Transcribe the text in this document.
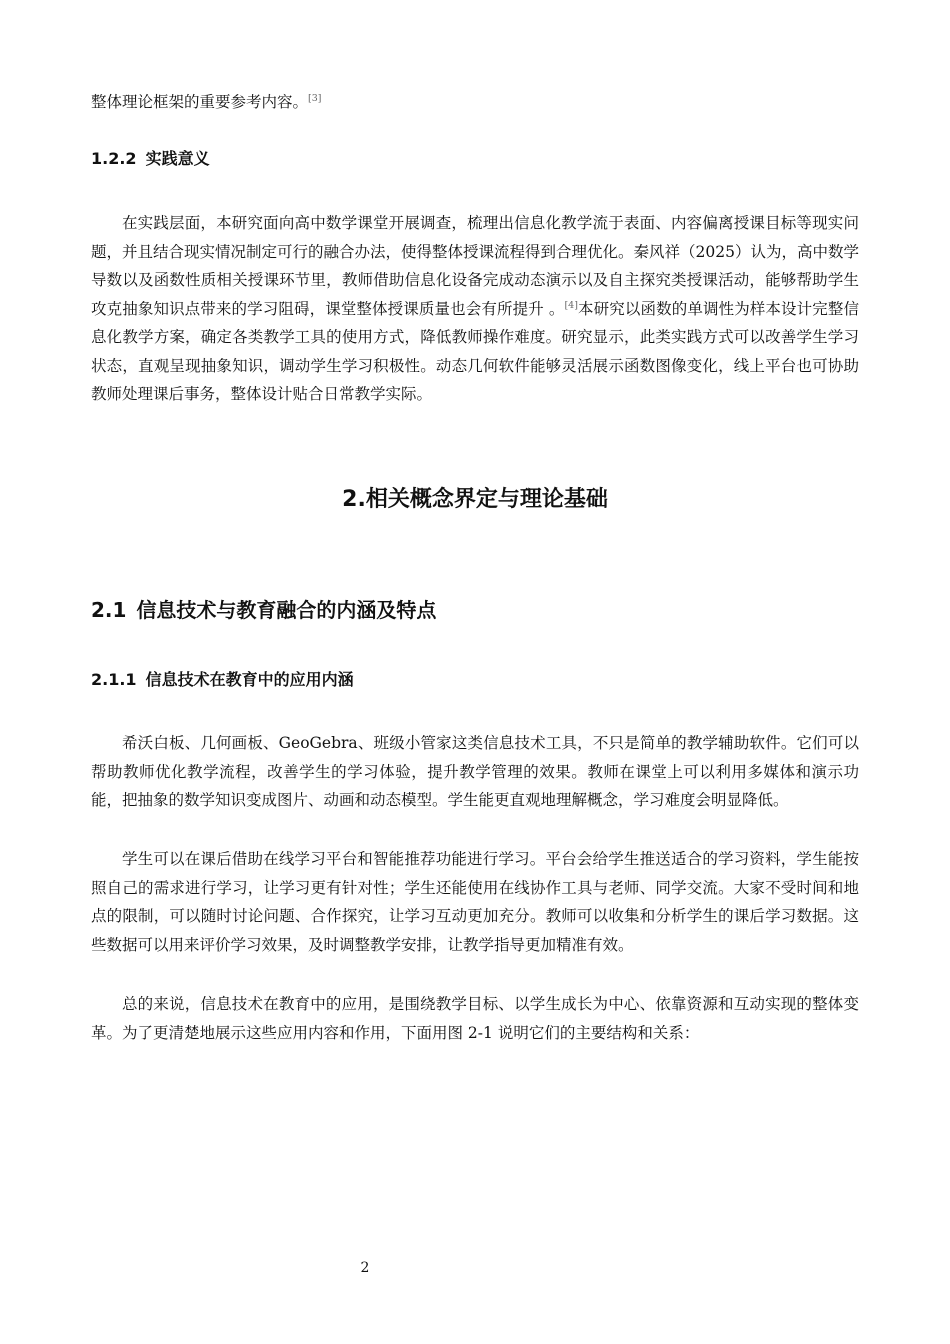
整体理论框架的重要参考内容。[3]

1.2.2 实践意义

在实践层面，本研究面向高中数学课堂开展调查，梳理出信息化教学流于表面、内容偏离授课目标等现实问题，并且结合现实情况制定可行的融合办法，使得整体授课流程得到合理优化。秦风祥（2025）认为，高中数学导数以及函数性质相关授课环节里，教师借助信息化设备完成动态演示以及自主探究类授课活动，能够帮助学生攻克抽象知识点带来的学习阻碍，课堂整体授课质量也会有所提升 。[4]本研究以函数的单调性为样本设计完整信息化教学方案，确定各类教学工具的使用方式，降低教师操作难度。研究显示，此类实践方式可以改善学生学习状态，直观呈现抽象知识，调动学生学习积极性。动态几何软件能够灵活展示函数图像变化，线上平台也可协助教师处理课后事务，整体设计贴合日常教学实际。

2.相关概念界定与理论基础
2.1 信息技术与教育融合的内涵及特点
2.1.1 信息技术在教育中的应用内涵

希沃白板、几何画板、GeoGebra、班级小管家这类信息技术工具，不只是简单的教学辅助软件。它们可以帮助教师优化教学流程，改善学生的学习体验，提升教学管理的效果。教师在课堂上可以利用多媒体和演示功能，把抽象的数学知识变成图片、动画和动态模型。学生能更直观地理解概念，学习难度会明显降低。

学生可以在课后借助在线学习平台和智能推荐功能进行学习。平台会给学生推送适合的学习资料，学生能按照自己的需求进行学习，让学习更有针对性；学生还能使用在线协作工具与老师、同学交流。大家不受时间和地点的限制，可以随时讨论问题、合作探究，让学习互动更加充分。教师可以收集和分析学生的课后学习数据。这些数据可以用来评价学习效果，及时调整教学安排，让教学指导更加精准有效。

总的来说，信息技术在教育中的应用，是围绕教学目标、以学生成长为中心、依靠资源和互动实现的整体变革。为了更清楚地展示这些应用内容和作用，下面用图 2-1 说明它们的主要结构和关系：

2
